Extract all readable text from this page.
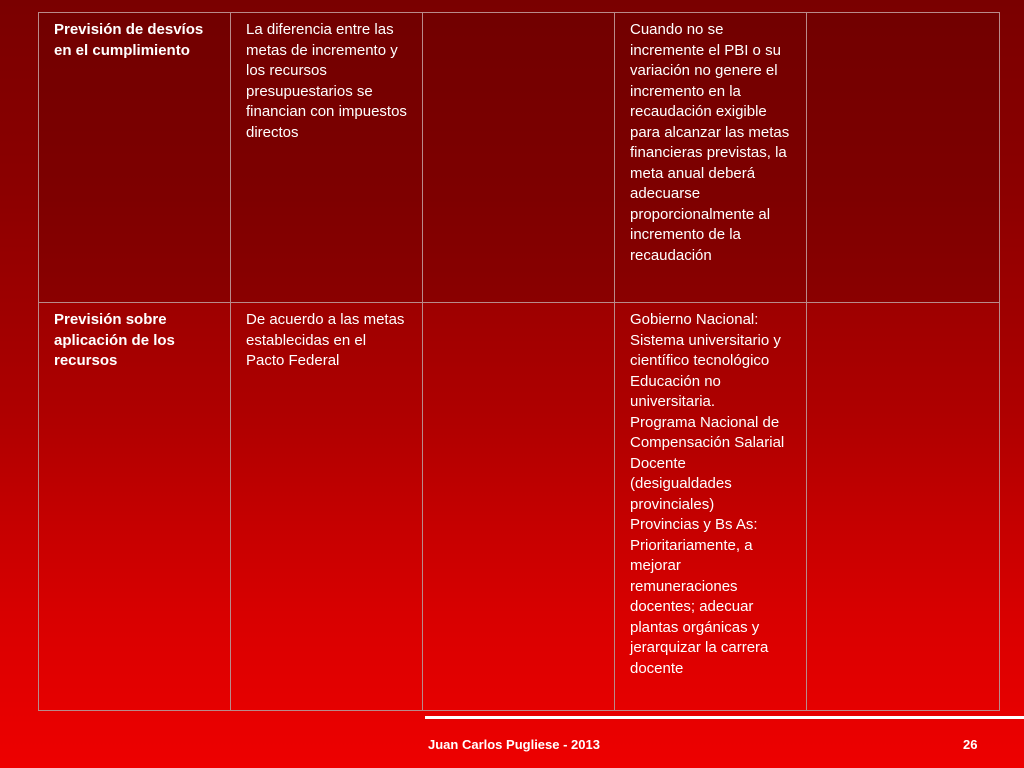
Previsión de desvíos en el cumplimiento	La diferencia entre las metas de incremento y los recursos presupuestarios se financian con impuestos directos		Cuando no se incremente el PBI o su variación no genere el incremento en la recaudación exigible para alcanzar las metas financieras previstas, la meta anual deberá adecuarse proporcionalmente al incremento de la recaudación	
Previsión sobre aplicación de los recursos	De acuerdo a las metas establecidas en el Pacto Federal		Gobierno Nacional:
Sistema universitario y científico tecnológico
Educación no universitaria.
Programa Nacional de Compensación Salarial Docente (desigualdades provinciales)
Provincias y Bs As: Prioritariamente, a mejorar remuneraciones docentes; adecuar plantas orgánicas y jerarquizar la carrera docente	
Juan Carlos Pugliese - 2013	26
